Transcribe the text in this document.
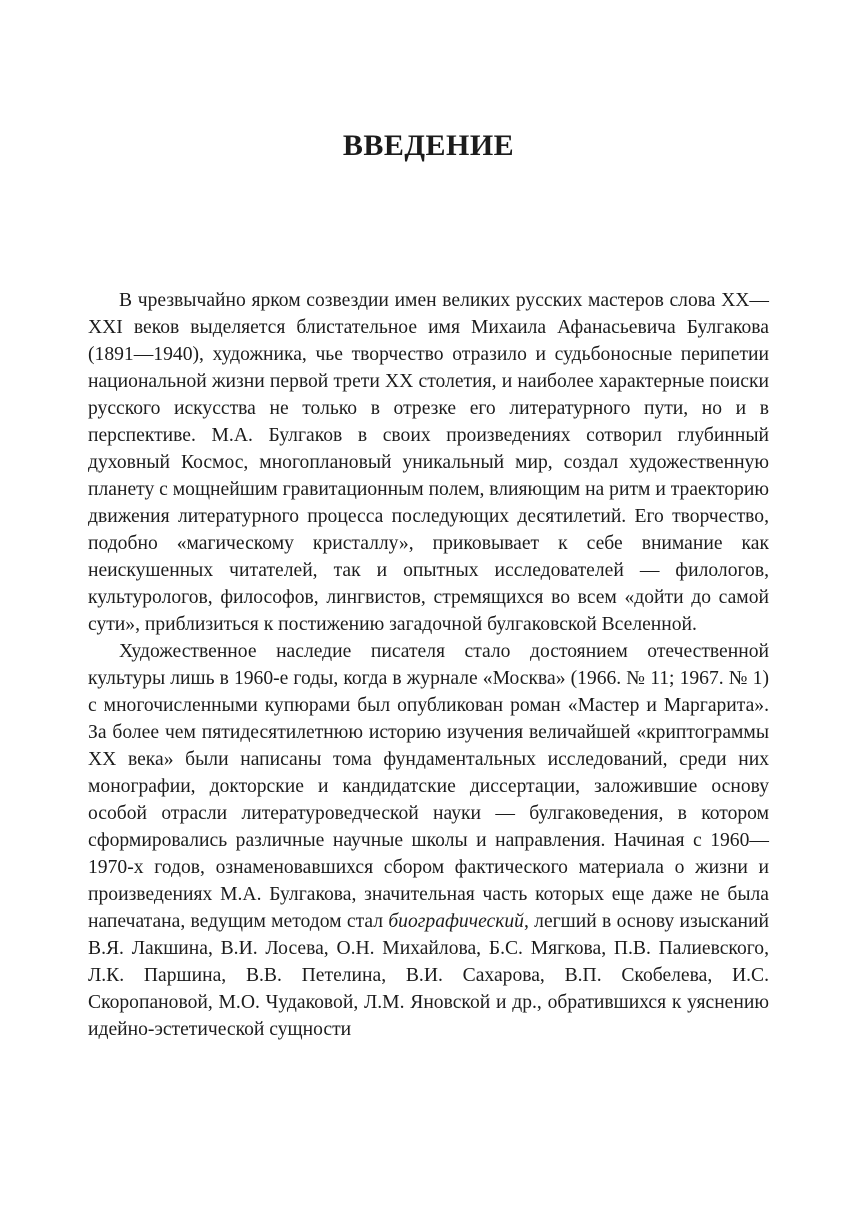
ВВЕДЕНИЕ

В чрезвычайно ярком созвездии имен великих русских мастеров слова XX—XXI веков выделяется блистательное имя Михаила Афанасьевича Булгакова (1891—1940), художника, чье творчество отразило и судьбоносные перипетии национальной жизни первой трети XX столетия, и наиболее характерные поиски русского искусства не только в отрезке его литературного пути, но и в перспективе. М.А. Булгаков в своих произведениях сотворил глубинный духовный Космос, многоплановый уникальный мир, создал художественную планету с мощнейшим гравитационным полем, влияющим на ритм и траекторию движения литературного процесса последующих десятилетий. Его творчество, подобно «магическому кристаллу», приковывает к себе внимание как неискушенных читателей, так и опытных исследователей — филологов, культурологов, философов, лингвистов, стремящихся во всем «дойти до самой сути», приблизиться к постижению загадочной булгаковской Вселенной.

Художественное наследие писателя стало достоянием отечественной культуры лишь в 1960-е годы, когда в журнале «Москва» (1966. № 11; 1967. № 1) с многочисленными купюрами был опубликован роман «Мастер и Маргарита». За более чем пятидесятилетнюю историю изучения величайшей «криптограммы XX века» были написаны тома фундаментальных исследований, среди них монографии, докторские и кандидатские диссертации, заложившие основу особой отрасли литературоведческой науки — булгаковедения, в котором сформировались различные научные школы и направления. Начиная с 1960—1970-х годов, ознаменовавшихся сбором фактического материала о жизни и произведениях М.А. Булгакова, значительная часть которых еще даже не была напечатана, ведущим методом стал биографический, легший в основу изысканий В.Я. Лакшина, В.И. Лосева, О.Н. Михайлова, Б.С. Мягкова, П.В. Палиевского, Л.К. Паршина, В.В. Петелина, В.И. Сахарова, В.П. Скобелева, И.С. Скоропановой, М.О. Чудаковой, Л.М. Яновской и др., обратившихся к уяснению идейно-эстетической сущности
